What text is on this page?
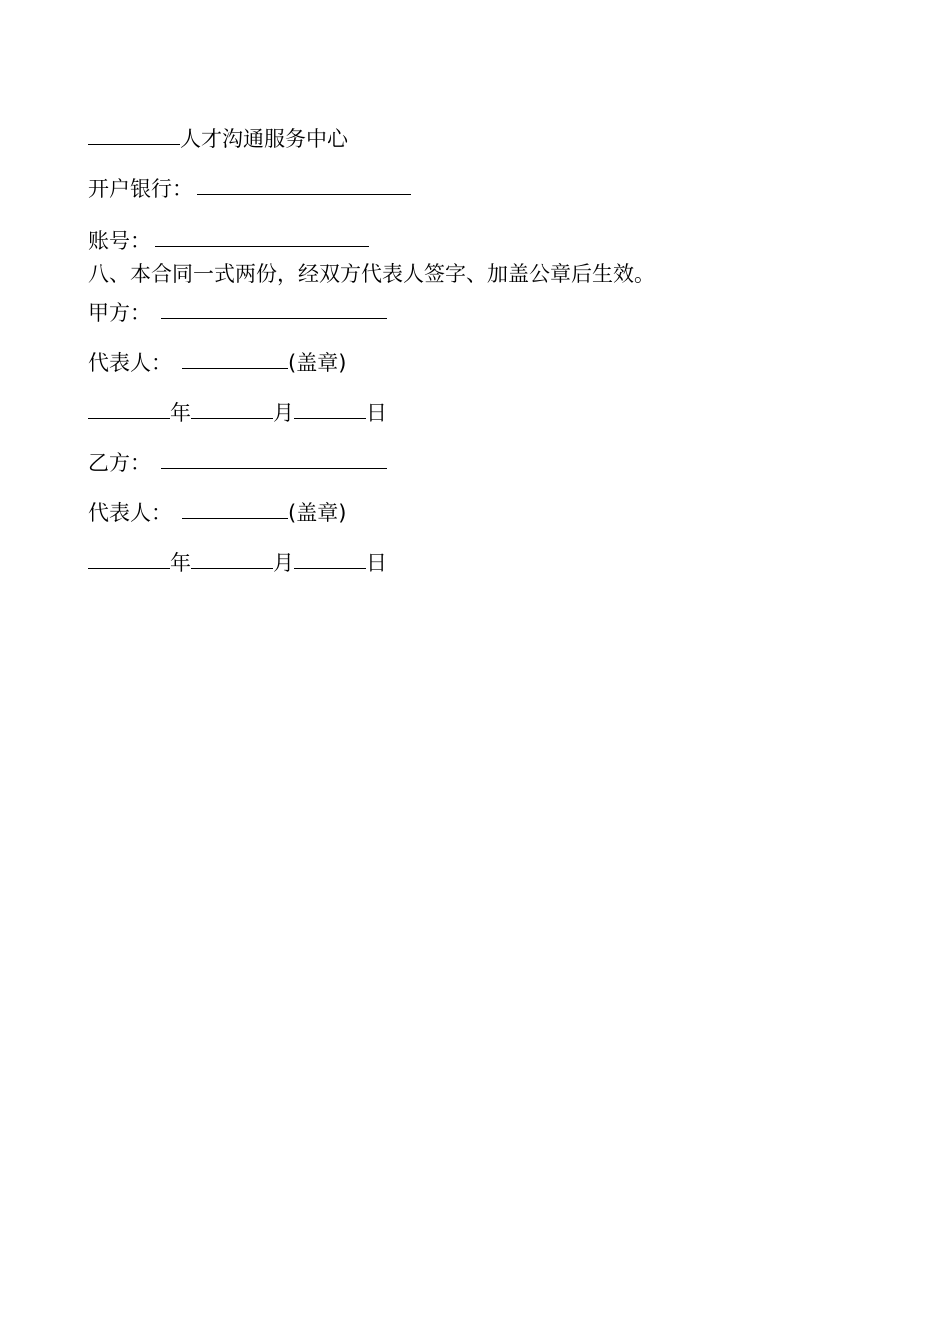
人才沟通服务中心
开户银行：
账号：
八、本合同一式两份，经双方代表人签字、加盖公章后生效。
甲方：
代表人：	(盖章)
年	月	日
乙方：
代表人：	(盖章)
年	月	日
